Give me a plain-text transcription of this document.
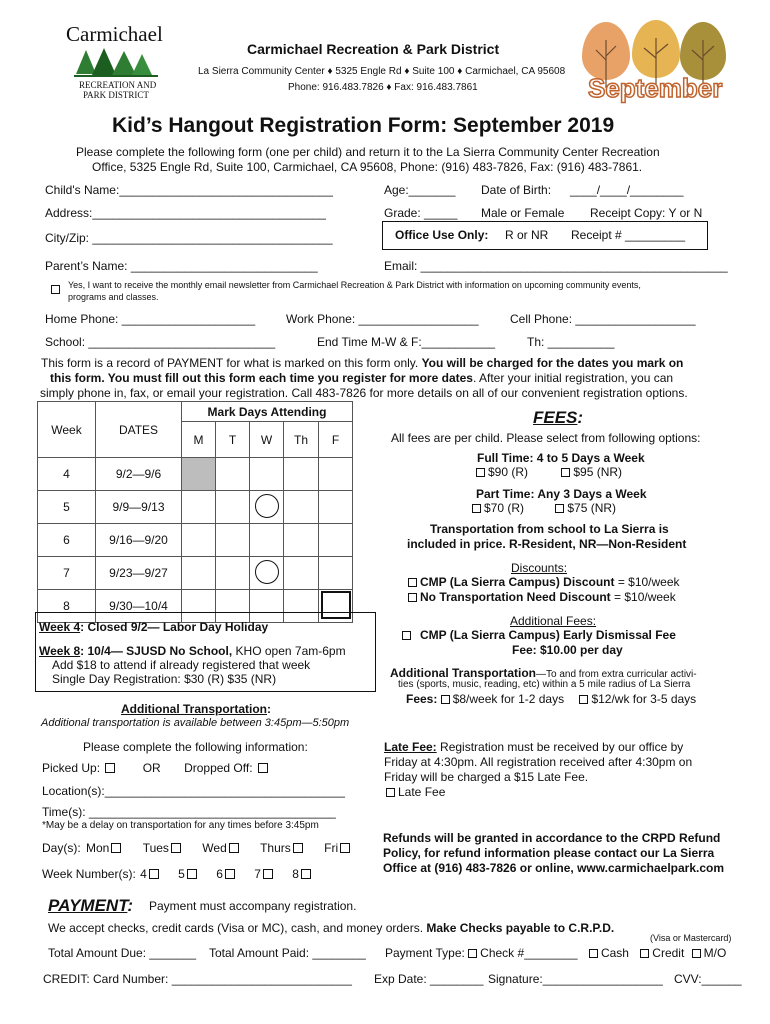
Carmichael
RECREATION AND
PARK DISTRICT	September
Carmichael Recreation & Park District
La Sierra Community Center ♦ 5325 Engle Rd ♦ Suite 100 ♦ Carmichael, CA 95608
Phone: 916.483.7826 ♦ Fax: 916.483.7861
Kid’s Hangout Registration Form: September 2019
Please complete the following form (one per child) and return it to the La Sierra Community Center Recreation
Office, 5325 Engle Rd, Suite 100, Carmichael, CA 95608, Phone: (916) 483-7826, Fax: (916) 483-7861.
Child's Name:________________________________	Age:_______ Date of Birth: ____/____/________
Address:___________________________________	Grade: _____ Male or Female Receipt Copy: Y or N
City/Zip: ____________________________________	Office Use Only: R or NR Receipt # _________
Parent’s Name: ____________________________	Email: ______________________________________________
Yes, I want to receive the monthly email newsletter from Carmichael Recreation & Park District with information on upcoming community events,
programs and classes.
Home Phone: ____________________	Work Phone: __________________	Cell Phone: __________________
School: ____________________________	End Time M-W & F:___________	Th: __________
This form is a record of PAYMENT for what is marked on this form only. You will be charged for the dates you mark on
this form. You must fill out this form each time you register for more dates. After your initial registration, you can
simply phone in, fax, or email your registration. Call 483-7826 for more details on all of our convenient registration options.
Week	DATES	Mark Days Attending				
		M	T	W	Th	F
4	9/2—9/6					
5	9/9—9/13					
6	9/16—9/20					
7	9/23—9/27					
8	9/30—10/4					
Week 4: Closed 9/2— Labor Day Holiday
Week 8: 10/4— SJUSD No School, KHO open 7am-6pm
Add $18 to attend if already registered that week
Single Day Registration: $30 (R) $35 (NR)
Additional Transportation:
Additional transportation is available between 3:45pm—5:50pm
Please complete the following information:
Picked Up:	OR Dropped Off:
Location(s):____________________________________
Time(s): _____________________________________
*May be a delay on transportation for any times before 3:45pm
Day(s): Mon	Tues	Wed	Thurs	Fri
Week Number(s): 4	5	6	7	8
FEES:
All fees are per child. Please select from following options:
Full Time: 4 to 5 Days a Week
$90 (R)	$95 (NR)
Part Time: Any 3 Days a Week
$70 (R)	$75 (NR)
Transportation from school to La Sierra is
included in price. R-Resident, NR—Non-Resident
Discounts:
CMP (La Sierra Campus) Discount = $10/week
No Transportation Need Discount = $10/week
Additional Fees:
CMP (La Sierra Campus) Early Dismissal Fee
Fee: $10.00 per day
Additional Transportation—To and from extra curricular activi-
ties (sports, music, reading, etc) within a 5 mile radius of La Sierra
Fees: $8/week for 1-2 days $12/wk for 3-5 days
Late Fee: Registration must be received by our office by
Friday at 4:30pm. All registration received after 4:30pm on
Friday will be charged a $15 Late Fee.
Late Fee
Refunds will be granted in accordance to the CRPD Refund
Policy, for refund information please contact our La Sierra
Office at (916) 483-7826 or online, www.carmichaelpark.com
PAYMENT: Payment must accompany registration.
We accept checks, credit cards (Visa or MC), cash, and money orders. Make Checks payable to C.R.P.D.
(Visa or Mastercard)
Total Amount Due: _______ Total Amount Paid: ________ Payment Type: Check #________ Cash Credit M/O
CREDIT: Card Number: ___________________________ Exp Date: ________ Signature:__________________ CVV:______
